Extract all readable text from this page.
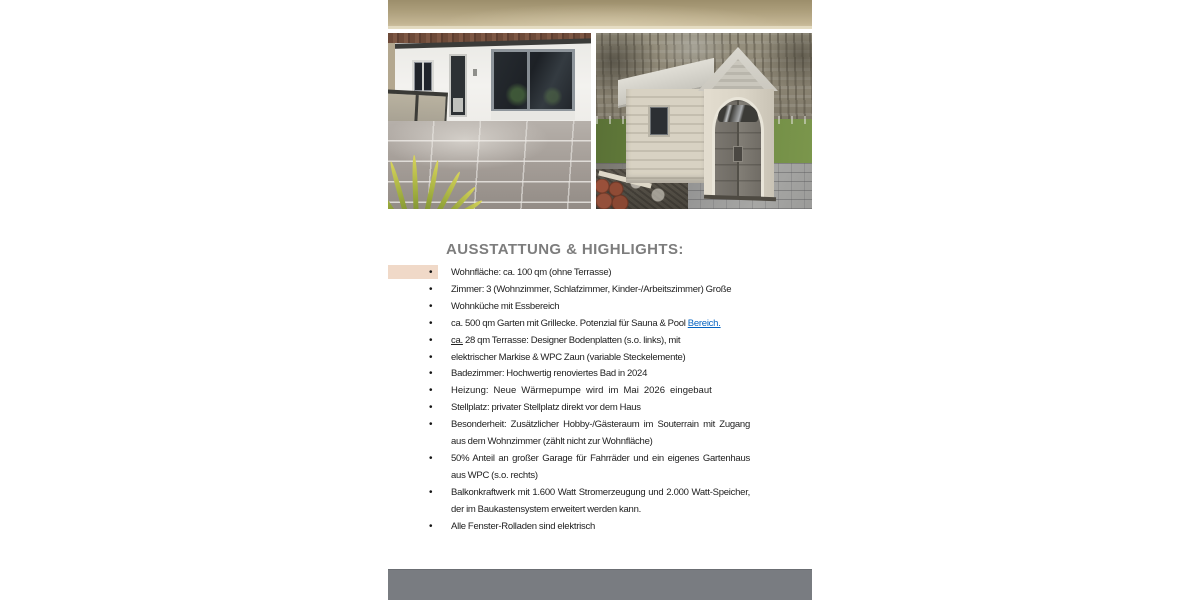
AUSSTATTUNG & HIGHLIGHTS:
• Wohnfläche: ca. 100 qm (ohne Terrasse)
• Zimmer: 3 (Wohnzimmer, Schlafzimmer, Kinder-/Arbeitszimmer) Große
• Wohnküche mit Essbereich
• ca. 500 qm Garten mit Grillecke. Potenzial für Sauna & Pool Bereich.
• ca. 28 qm Terrasse: Designer Bodenplatten (s.o. links), mit
• elektrischer Markise & WPC Zaun (variable Steckelemente)
• Badezimmer: Hochwertig renoviertes Bad in 2024
• Heizung: Neue Wärmepumpe wird im Mai 2026 eingebaut
• Stellplatz: privater Stellplatz direkt vor dem Haus
• Besonderheit: Zusätzlicher Hobby-/Gästeraum im Souterrain mit Zugang aus dem Wohnzimmer (zählt nicht zur Wohnfläche)
• 50% Anteil an großer Garage für Fahrräder und ein eigenes Gartenhaus aus WPC (s.o. rechts)
• Balkonkraftwerk mit 1.600 Watt Stromerzeugung und 2.000 Watt-Speicher, der im Baukastensystem erweitert werden kann.
• Alle Fenster-Rolladen sind elektrisch
